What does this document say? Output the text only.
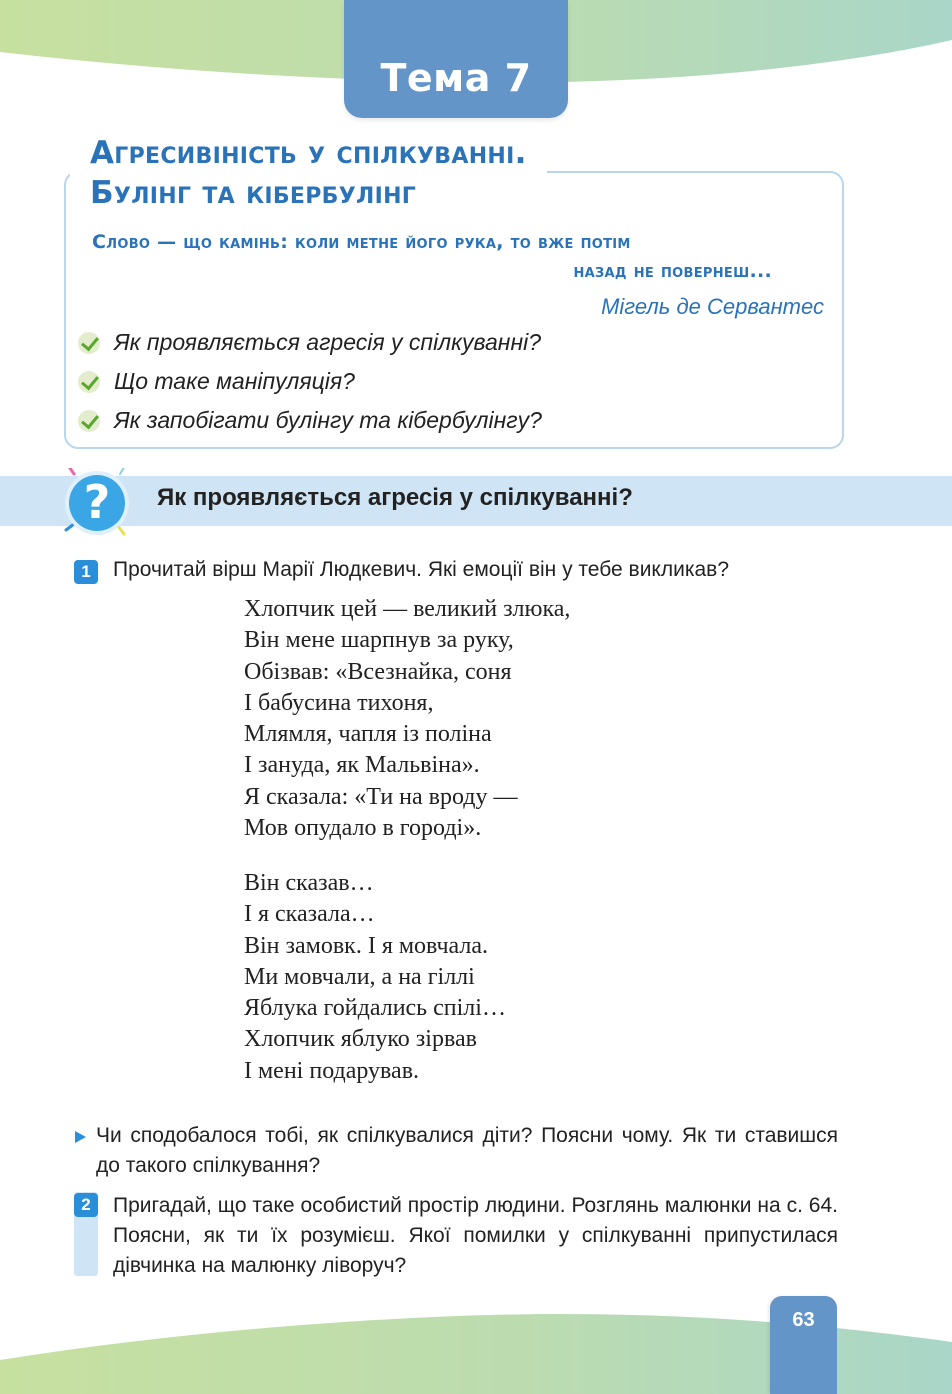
Тема 7
Агресивіність у спілкуванні.
Булінг та кібербулінг
Слово — що камінь: коли метне його рука, то вже потім
назад не повернеш...
Мігель де Сервантес
Як проявляється агресія у спілкуванні?
Що таке маніпуляція?
Як запобігати булінгу та кібербулінгу?
? Як проявляється агресія у спілкуванні?
1	Прочитай вірш Марії Людкевич. Які емоції він у тебе викликав?
Хлопчик цей — великий злюка,
Він мене шарпнув за руку,
Обізвав: «Всезнайка, соня
І бабусина тихоня,
Млямля, чапля із поліна
І зануда, як Мальвіна».
Я сказала: «Ти на вроду —
Мов опудало в городі».
Він сказав…
І я сказала…
Він замовк. І я мовчала.
Ми мовчали, а на гіллі
Яблука гойдались спілі…
Хлопчик яблуко зірвав
І мені подарував.
Чи сподобалося тобі, як спілкувалися діти? Поясни чому. Як ти ставишся до такого спілкування?
2	Пригадай, що таке особистий простір людини. Розглянь малюнки на с. 64. Поясни, як ти їх розумієш. Якої помилки у спілкуванні припустилася дівчинка на малюнку ліворуч?
63
